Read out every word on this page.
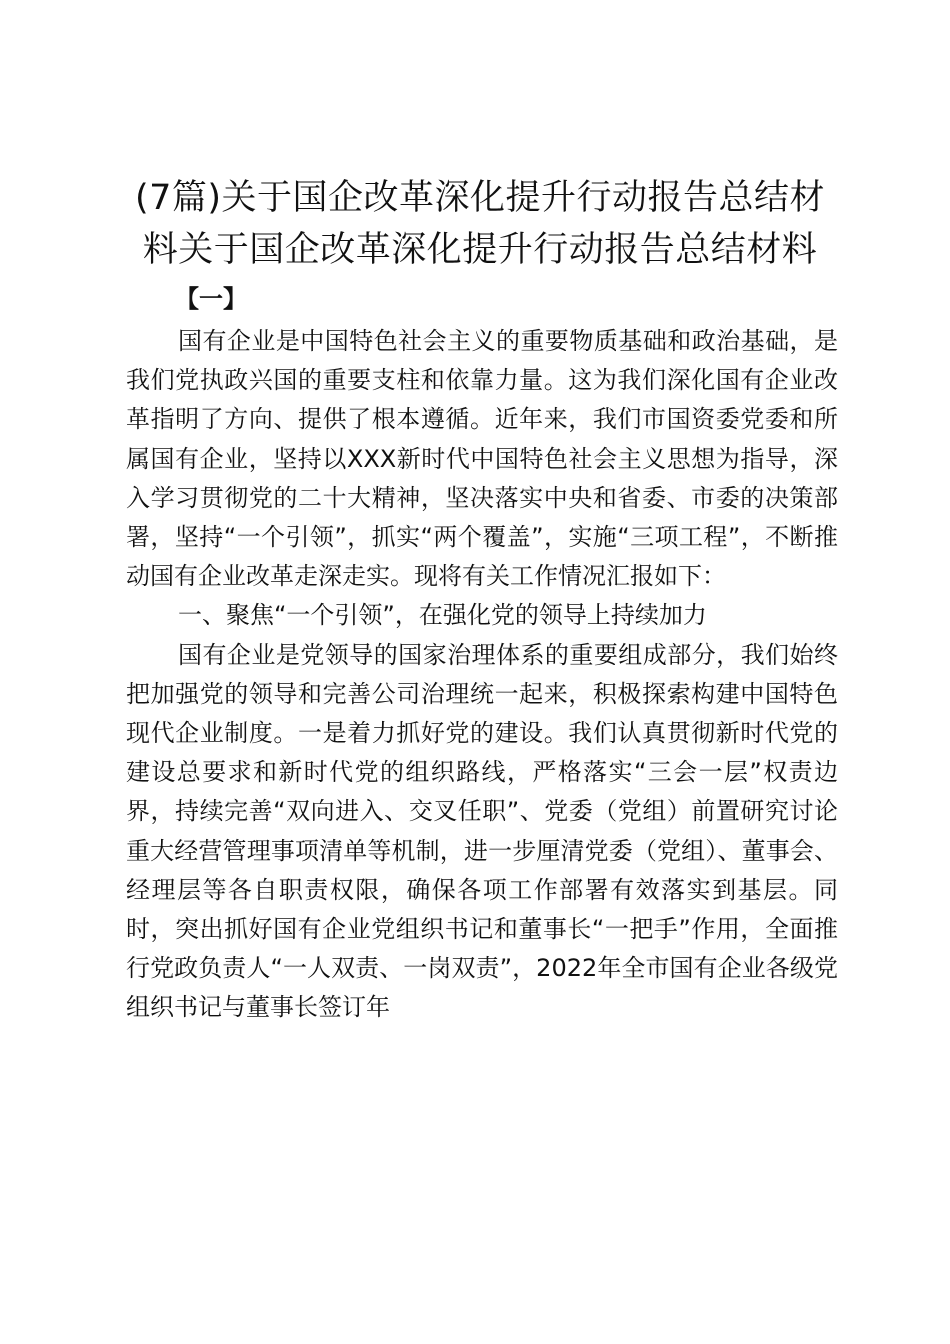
(7篇)关于国企改革深化提升行动报告总结材料关于国企改革深化提升行动报告总结材料
【一】

国有企业是中国特色社会主义的重要物质基础和政治基础，是我们党执政兴国的重要支柱和依靠力量。这为我们深化国有企业改革指明了方向、提供了根本遵循。近年来，我们市国资委党委和所属国有企业，坚持以XXX新时代中国特色社会主义思想为指导，深入学习贯彻党的二十大精神，坚决落实中央和省委、市委的决策部署，坚持“一个引领”，抓实“两个覆盖”，实施“三项工程”，不断推动国有企业改革走深走实。现将有关工作情况汇报如下：

一、聚焦“一个引领”，在强化党的领导上持续加力

国有企业是党领导的国家治理体系的重要组成部分，我们始终把加强党的领导和完善公司治理统一起来，积极探索构建中国特色现代企业制度。一是着力抓好党的建设。我们认真贯彻新时代党的建设总要求和新时代党的组织路线，严格落实“三会一层”权责边界，持续完善“双向进入、交叉任职”、党委（党组）前置研究讨论重大经营管理事项清单等机制，进一步厘清党委（党组）、董事会、经理层等各自职责权限，确保各项工作部署有效落实到基层。同时，突出抓好国有企业党组织书记和董事长“一把手”作用，全面推行党政负责人“一人双责、一岗双责”，2022年全市国有企业各级党组织书记与董事长签订年
